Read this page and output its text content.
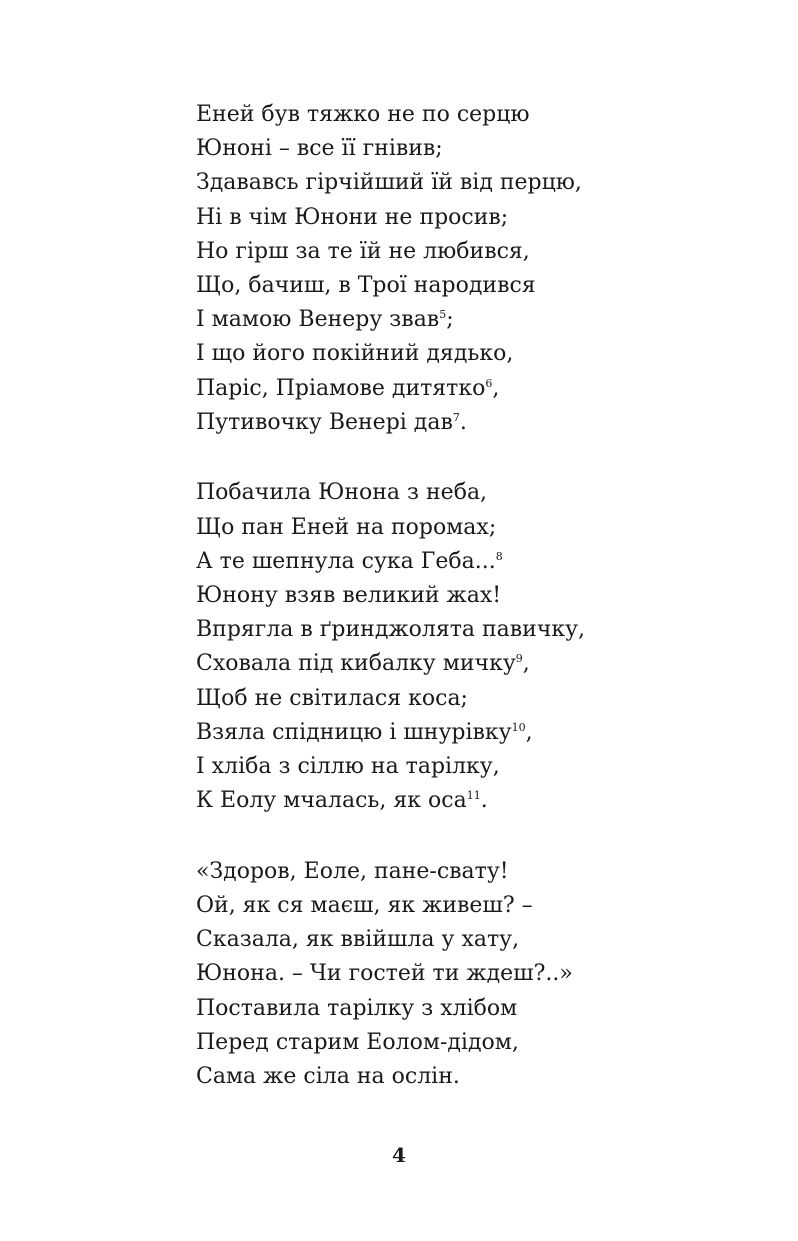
Еней був тяжко не по серцю
Юноні – все її гнівив;
Здававсь гірчійший їй від перцю,
Ні в чім Юнони не просив;
Но гірш за те їй не любився,
Що, бачиш, в Трої народився
І мамою Венеру звав$^5$;
І що його покійний дядько,
Паріс, Пріамове дитятко$^6$,
Путивочку Венері дав$^7$.
Побачила Юнона з неба,
Що пан Еней на поромах;
А те шепнула сука Геба...$^8$
Юнону взяв великий жах!
Впрягла в ґринджолята павичку,
Сховала під кибалку мичку$^9$,
Щоб не світилася коса;
Взяла спідницю і шнурівку$^{10}$,
І хліба з сіллю на тарілку,
К Еолу мчалась, як оса$^{11}$.
«Здоров, Еоле, пане-свату!
Ой, як ся маєш, як живеш? –
Сказала, як ввійшла у хату,
Юнона. – Чи гостей ти ждеш?..»
Поставила тарілку з хлібом
Перед старим Еолом-дідом,
Сама же сіла на ослін.
4
